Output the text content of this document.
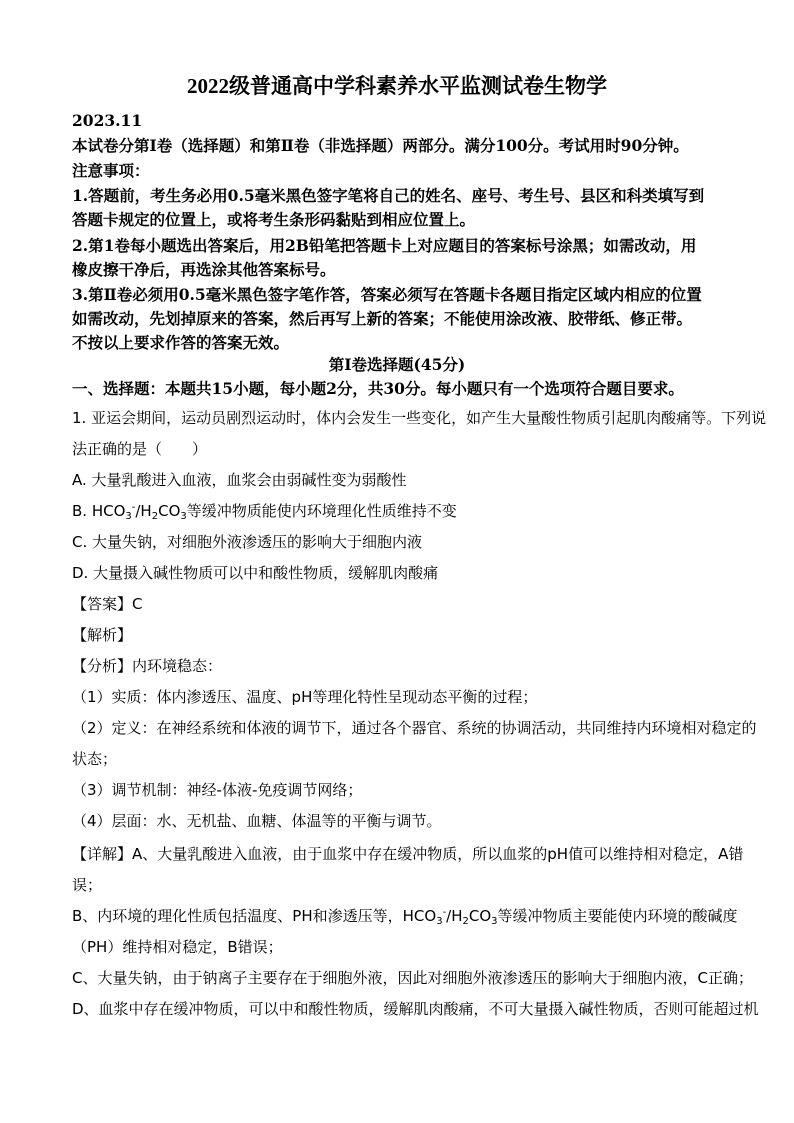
2022级普通高中学科素养水平监测试卷生物学
2023.11
本试卷分第Ⅰ卷（选择题）和第Ⅱ卷（非选择题）两部分。满分100分。考试用时90分钟。
注意事项：
1.答题前，考生务必用0.5毫米黑色签字笔将自己的姓名、座号、考生号、县区和科类填写到
答题卡规定的位置上，或将考生条形码黏贴到相应位置上。
2.第1卷每小题选出答案后，用2B铅笔把答题卡上对应题目的答案标号涂黑；如需改动，用
橡皮擦干净后，再选涂其他答案标号。
3.第Ⅱ卷必须用0.5毫米黑色签字笔作答，答案必须写在答题卡各题目指定区域内相应的位置
如需改动，先划掉原来的答案，然后再写上新的答案；不能使用涂改液、胶带纸、修正带。
不按以上要求作答的答案无效。
第Ⅰ卷选择题(45分)
一、选择题：本题共15小题，每小题2分，共30分。每小题只有一个选项符合题目要求。
1. 亚运会期间，运动员剧烈运动时，体内会发生一些变化，如产生大量酸性物质引起肌肉酸痛等。下列说
法正确的是（　　）
A. 大量乳酸进入血液，血浆会由弱碱性变为弱酸性
B. $HCO_3^-/H_2CO_3$等缓冲物质能使内环境理化性质维持不变
C. 大量失钠，对细胞外液渗透压的影响大于细胞内液
D. 大量摄入碱性物质可以中和酸性物质，缓解肌肉酸痛
【答案】C
【解析】
【分析】内环境稳态：
（1）实质：体内渗透压、温度、pH等理化特性呈现动态平衡的过程；
（2）定义：在神经系统和体液的调节下，通过各个器官、系统的协调活动，共同维持内环境相对稳定的
状态；
（3）调节机制：神经-体液-免疫调节网络；
（4）层面：水、无机盐、血糖、体温等的平衡与调节。
【详解】A、大量乳酸进入血液，由于血浆中存在缓冲物质，所以血浆的pH值可以维持相对稳定，A错
误；
B、内环境的理化性质包括温度、PH和渗透压等，$HCO_3^-/H_2CO_3$等缓冲物质主要能使内环境的酸碱度
（PH）维持相对稳定，B错误；
C、大量失钠，由于钠离子主要存在于细胞外液，因此对细胞外液渗透压的影响大于细胞内液，C正确；
D、血浆中存在缓冲物质，可以中和酸性物质，缓解肌肉酸痛，不可大量摄入碱性物质，否则可能超过机
